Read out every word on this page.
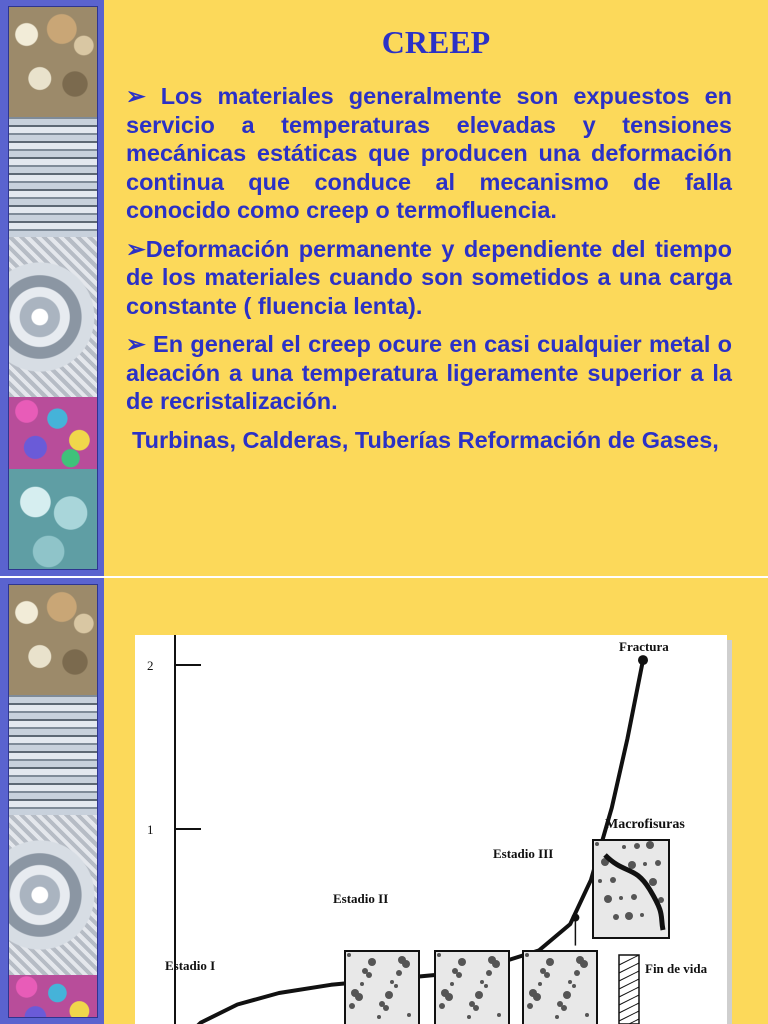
CREEP

➢ Los materiales generalmente son expuestos en servicio a temperaturas elevadas y tensiones mecánicas estáticas que producen una deformación continua que conduce al mecanismo de falla conocido como creep o termofluencia.

➢Deformación permanente y dependiente del tiempo de los materiales cuando son sometidos a una carga constante ( fluencia lenta).

➢ En general el creep ocure en casi cualquier metal o aleación a una temperatura ligeramente superior a la de recristalización.

Turbinas, Calderas, Tuberías Reformación de Gases,

1
2
Estadio I
Estadio II
Estadio III
Fractura
Macrofisuras
Fin de vida
